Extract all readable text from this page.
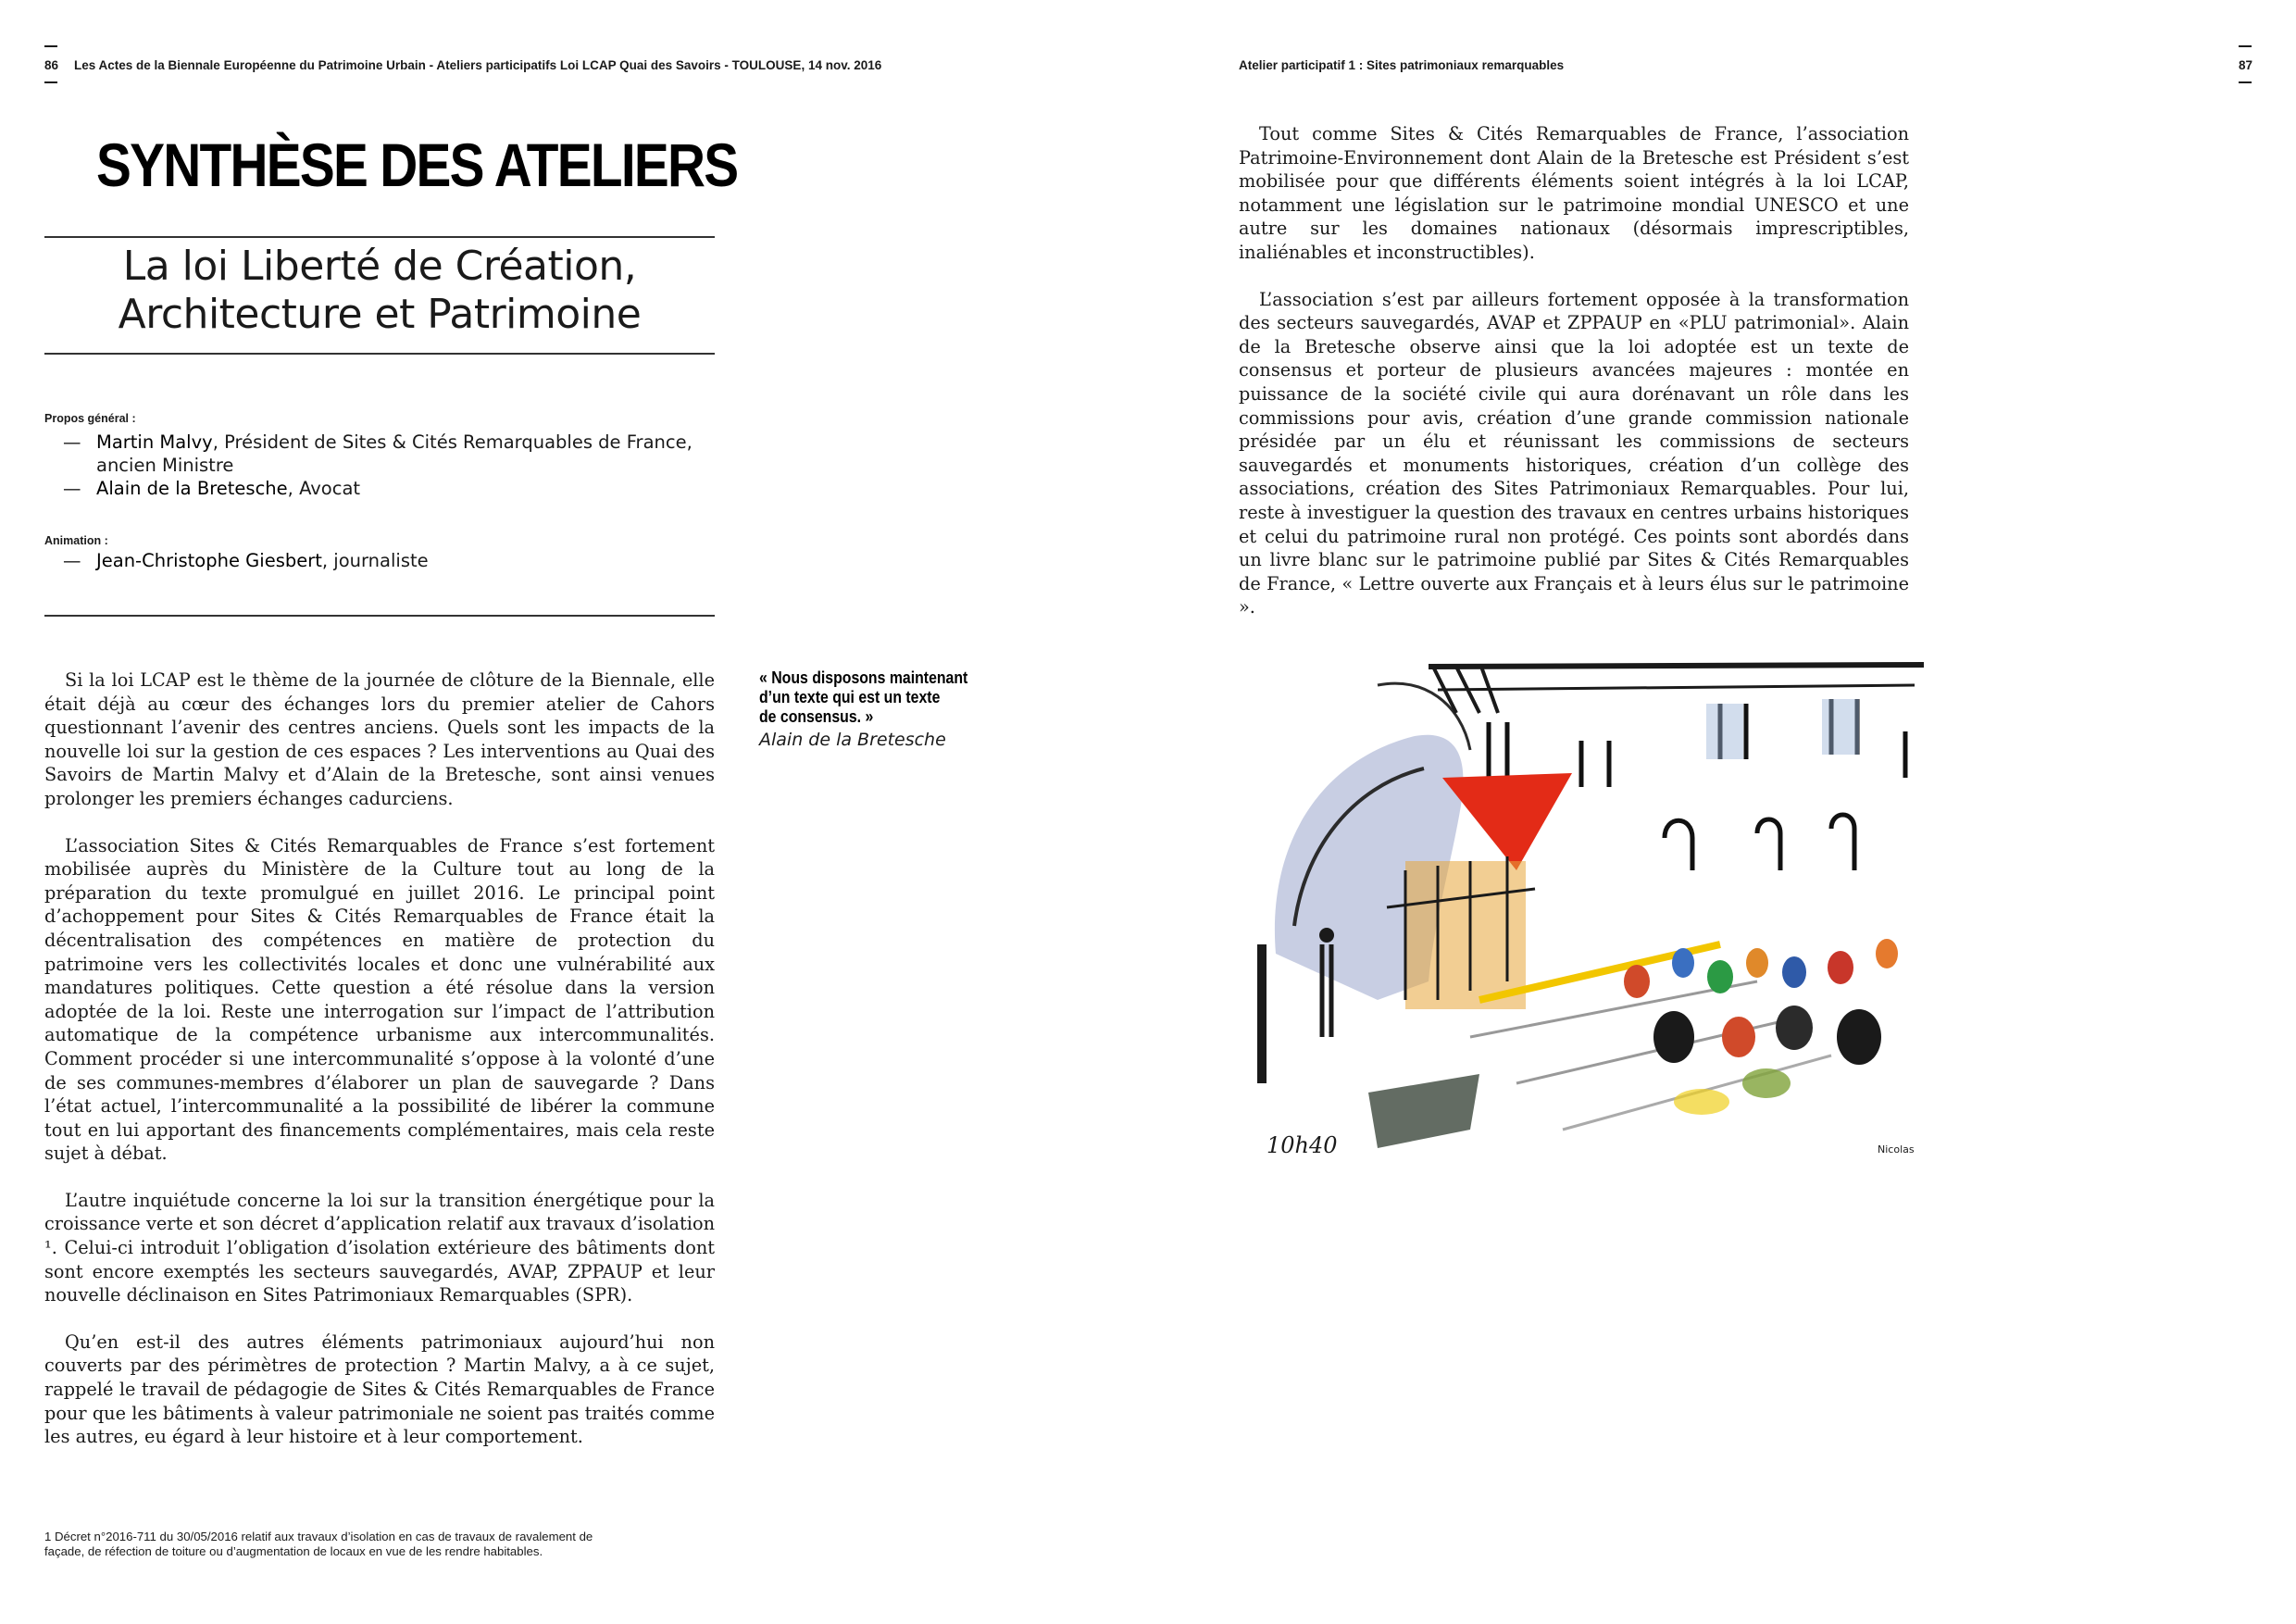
86 Les Actes de la Biennale Européenne du Patrimoine Urbain - Ateliers participatifs Loi LCAP Quai des Savoirs - TOULOUSE, 14 nov. 2016	Atelier participatif 1 : Sites patrimoniaux remarquables	87
SYNTHÈSE DES ATELIERS
La loi Liberté de Création,
Architecture et Patrimoine
Propos général :
— Martin Malvy, Président de Sites & Cités Remarquables de France,
ancien Ministre
— Alain de la Bretesche, Avocat
Animation :
— Jean-Christophe Giesbert, journaliste

Si la loi LCAP est le thème de la journée de clôture de la Biennale, elle était déjà au cœur des échanges lors du premier atelier de Cahors questionnant l’avenir des centres anciens. Quels sont les impacts de la nouvelle loi sur la gestion de ces espaces ? Les interventions au Quai des Savoirs de Martin Malvy et d’Alain de la Bretesche, sont ainsi venues prolonger les premiers échanges cadurciens.

L’association Sites & Cités Remarquables de France s’est fortement mobilisée auprès du Ministère de la Culture tout au long de la préparation du texte promulgué en juillet 2016. Le principal point d’achoppement pour Sites & Cités Remarquables de France était la décentralisation des compétences en matière de protection du patrimoine vers les collectivités locales et donc une vulnérabilité aux mandatures politiques. Cette question a été résolue dans la version adoptée de la loi. Reste une interrogation sur l’impact de l’attribution automatique de la compétence urbanisme aux intercommunalités. Comment procéder si une intercommunalité s’oppose à la volonté d’une de ses communes-membres d’élaborer un plan de sauvegarde ? Dans l’état actuel, l’intercommunalité a la possibilité de libérer la commune tout en lui apportant des financements complémentaires, mais cela reste sujet à débat.

L’autre inquiétude concerne la loi sur la transition énergétique pour la croissance verte et son décret d’application relatif aux travaux d’isolation ¹. Celui-ci introduit l’obligation d’isolation extérieure des bâtiments dont sont encore exemptés les secteurs sauvegardés, AVAP, ZPPAUP et leur nouvelle déclinaison en Sites Patrimoniaux Remarquables (SPR).

Qu’en est-il des autres éléments patrimoniaux aujourd’hui non couverts par des périmètres de protection ? Martin Malvy, a à ce sujet, rappelé le travail de pédagogie de Sites & Cités Remarquables de France pour que les bâtiments à valeur patrimoniale ne soient pas traités comme les autres, eu égard à leur histoire et à leur comportement.

« Nous disposons maintenant
d’un texte qui est un texte
de consensus. »
Alain de la Bretesche
1 Décret n°2016-711 du 30/05/2016 relatif aux travaux d’isolation en cas de travaux de ravalement de
façade, de réfection de toiture ou d’augmentation de locaux en vue de les rendre habitables.

Tout comme Sites & Cités Remarquables de France, l’association Patrimoine-Environnement dont Alain de la Bretesche est Président s’est mobilisée pour que différents éléments soient intégrés à la loi LCAP, notamment une législation sur le patrimoine mondial UNESCO et une autre sur les domaines nationaux (désormais imprescriptibles, inaliénables et inconstructibles).

L’association s’est par ailleurs fortement opposée à la transformation des secteurs sauvegardés, AVAP et ZPPAUP en «PLU patrimonial». Alain de la Bretesche observe ainsi que la loi adoptée est un texte de consensus et porteur de plusieurs avancées majeures : montée en puissance de la société civile qui aura dorénavant un rôle dans les commissions pour avis, création d’une grande commission nationale présidée par un élu et réunissant les commissions de secteurs sauvegardés et monuments historiques, création d’un collège des associations, création des Sites Patrimoniaux Remarquables. Pour lui, reste à investiguer la question des travaux en centres urbains historiques et celui du patrimoine rural non protégé. Ces points sont abordés dans un livre blanc sur le patrimoine publié par Sites & Cités Remarquables de France, « Lettre ouverte aux Français et à leurs élus sur le patrimoine ».

10h40	Nicolas
